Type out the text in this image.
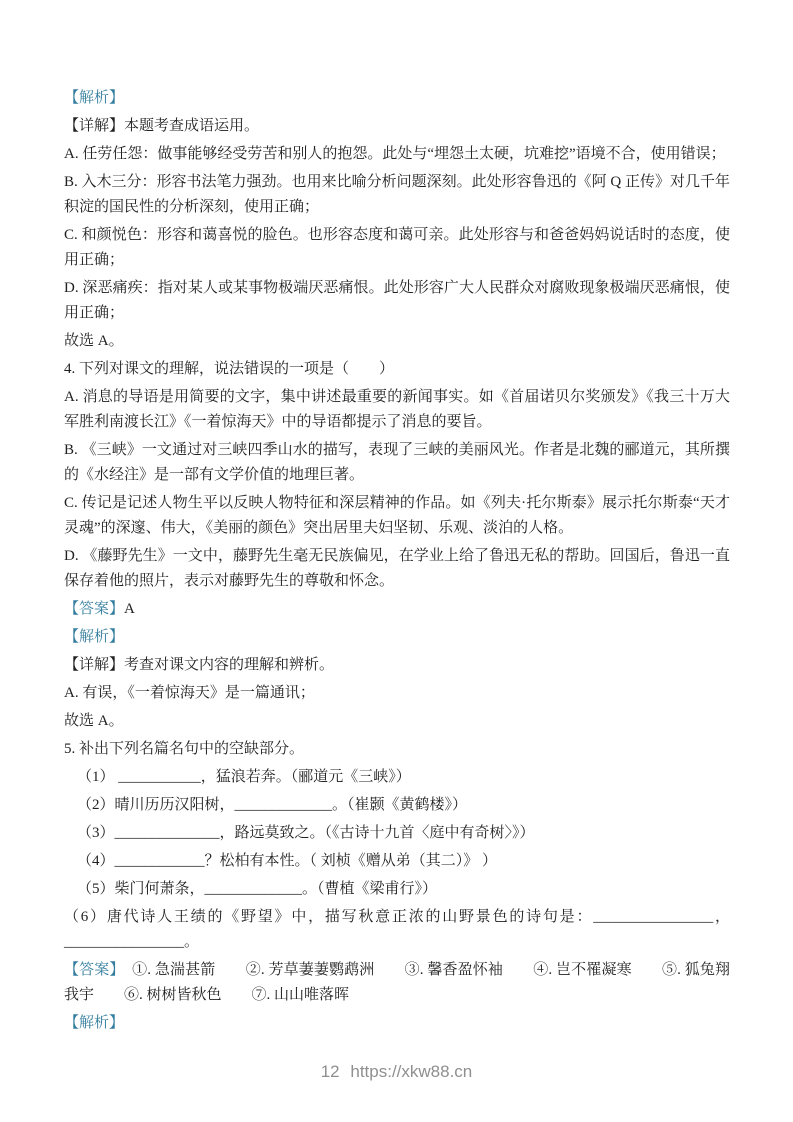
【解析】

【详解】本题考查成语运用。

A. 任劳任怨：做事能够经受劳苦和别人的抱怨。此处与“埋怨土太硬，坑难挖”语境不合，使用错误；

B. 入木三分：形容书法笔力强劲。也用来比喻分析问题深刻。此处形容鲁迅的《阿 Q 正传》对几千年积淀的国民性的分析深刻，使用正确；

C. 和颜悦色：形容和蔼喜悦的脸色。也形容态度和蔼可亲。此处形容与和爸爸妈妈说话时的态度，使用正确；

D. 深恶痛疾：指对某人或某事物极端厌恶痛恨。此处形容广大人民群众对腐败现象极端厌恶痛恨，使用正确；

故选 A。

4. 下列对课文的理解，说法错误的一项是（　　）

A. 消息的导语是用简要的文字，集中讲述最重要的新闻事实。如《首届诺贝尔奖颁发》《我三十万大军胜利南渡长江》《一着惊海天》中的导语都提示了消息的要旨。

B. 《三峡》一文通过对三峡四季山水的描写，表现了三峡的美丽风光。作者是北魏的郦道元，其所撰的《水经注》是一部有文学价值的地理巨著。

C. 传记是记述人物生平以反映人物特征和深层精神的作品。如《列夫·托尔斯泰》展示托尔斯泰“天才灵魂”的深邃、伟大，《美丽的颜色》突出居里夫妇坚韧、乐观、淡泊的人格。

D. 《藤野先生》一文中，藤野先生毫无民族偏见，在学业上给了鲁迅无私的帮助。回国后，鲁迅一直保存着他的照片，表示对藤野先生的尊敬和怀念。

【答案】A

【解析】

【详解】考查对课文内容的理解和辨析。

A. 有误，《一着惊海天》是一篇通讯；

故选 A。

5. 补出下列名篇名句中的空缺部分。

（1） ___________，猛浪若奔。（郦道元《三峡》）

（2）晴川历历汉阳树，_____________。（崔颢《黄鹤楼》）

（3）______________，路远莫致之。（《古诗十九首〈庭中有奇树〉》）

（4）____________？松柏有本性。（ 刘桢《赠从弟（其二）》 ）

（5）柴门何萧条，_____________。（曹植《梁甫行》）

（6）唐代诗人王绩的《野望》中，描写秋意正浓的山野景色的诗句是：________________，________________。

【答案】　①. 急湍甚箭　　②. 芳草萋萋鹦鹉洲　　③. 馨香盈怀袖　　④. 岂不罹凝寒　　⑤. 狐兔翔我宇　　⑥. 树树皆秋色　　⑦. 山山唯落晖

【解析】

12 https://xkw88.cn
